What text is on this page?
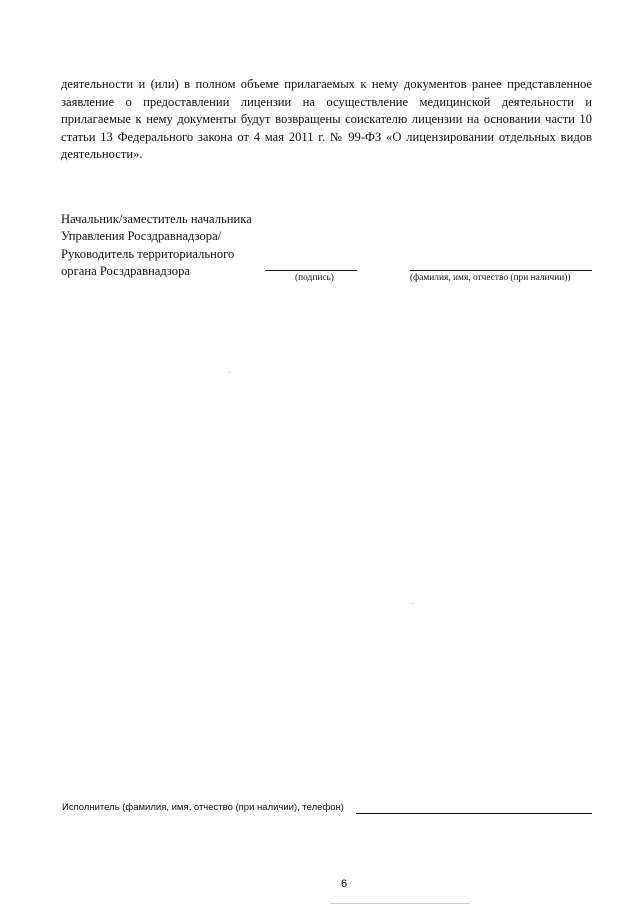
деятельности и (или) в полном объеме прилагаемых к нему документов ранее представленное заявление о предоставлении лицензии на осуществление медицинской деятельности и прилагаемые к нему документы будут возвращены соискателю лицензии на основании части 10 статьи 13 Федерального закона от 4 мая 2011 г. № 99-ФЗ «О лицензировании отдельных видов деятельности».

Начальник/заместитель начальника
Управления Росздравнадзора/
Руководитель территориального
органа Росздравнадзора	(подпись)	(фамилия, имя, отчество (при наличии))
Исполнитель (фамилия, имя, отчество (при наличии), телефон)
6
